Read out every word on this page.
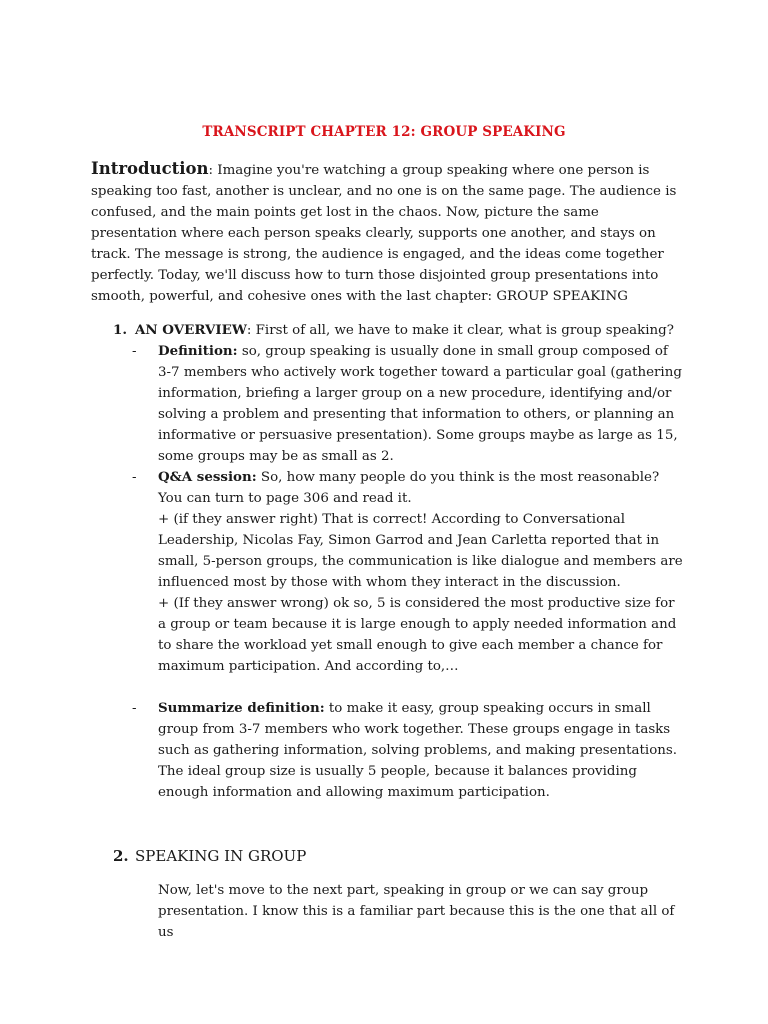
TRANSCRIPT CHAPTER 12: GROUP SPEAKING

Introduction: Imagine you're watching a group speaking where one person is speaking too fast, another is unclear, and no one is on the same page. The audience is confused, and the main points get lost in the chaos. Now, picture the same presentation where each person speaks clearly, supports one another, and stays on track. The message is strong, the audience is engaged, and the ideas come together perfectly. Today, we'll discuss how to turn those disjointed group presentations into smooth, powerful, and cohesive ones with the last chapter: GROUP SPEAKING

1. AN OVERVIEW: First of all, we have to make it clear, what is group speaking?
- Definition: so, group speaking is usually done in small group composed of 3-7 members who actively work together toward a particular goal (gathering information, briefing a larger group on a new procedure, identifying and/or solving a problem and presenting that information to others, or planning an informative or persuasive presentation). Some groups maybe as large as 15, some groups may be as small as 2.

- Q&A session: So, how many people do you think is the most reasonable? You can turn to page 306 and read it.

+ (if they answer right) That is correct! According to Conversational Leadership, Nicolas Fay, Simon Garrod and Jean Carletta reported that in small, 5-person groups, the communication is like dialogue and members are influenced most by those with whom they interact in the discussion.

+ (If they answer wrong) ok so, 5 is considered the most productive size for a group or team because it is large enough to apply needed information and to share the workload yet small enough to give each member a chance for maximum participation. And according to,…

- Summarize definition: to make it easy, group speaking occurs in small group from 3-7 members who work together. These groups engage in tasks such as gathering information, solving problems, and making presentations. The ideal group size is usually 5 people, because it balances providing enough information and allowing maximum participation.

2. SPEAKING IN GROUP

Now, let's move to the next part, speaking in group or we can say group presentation. I know this is a familiar part because this is the one that all of us
